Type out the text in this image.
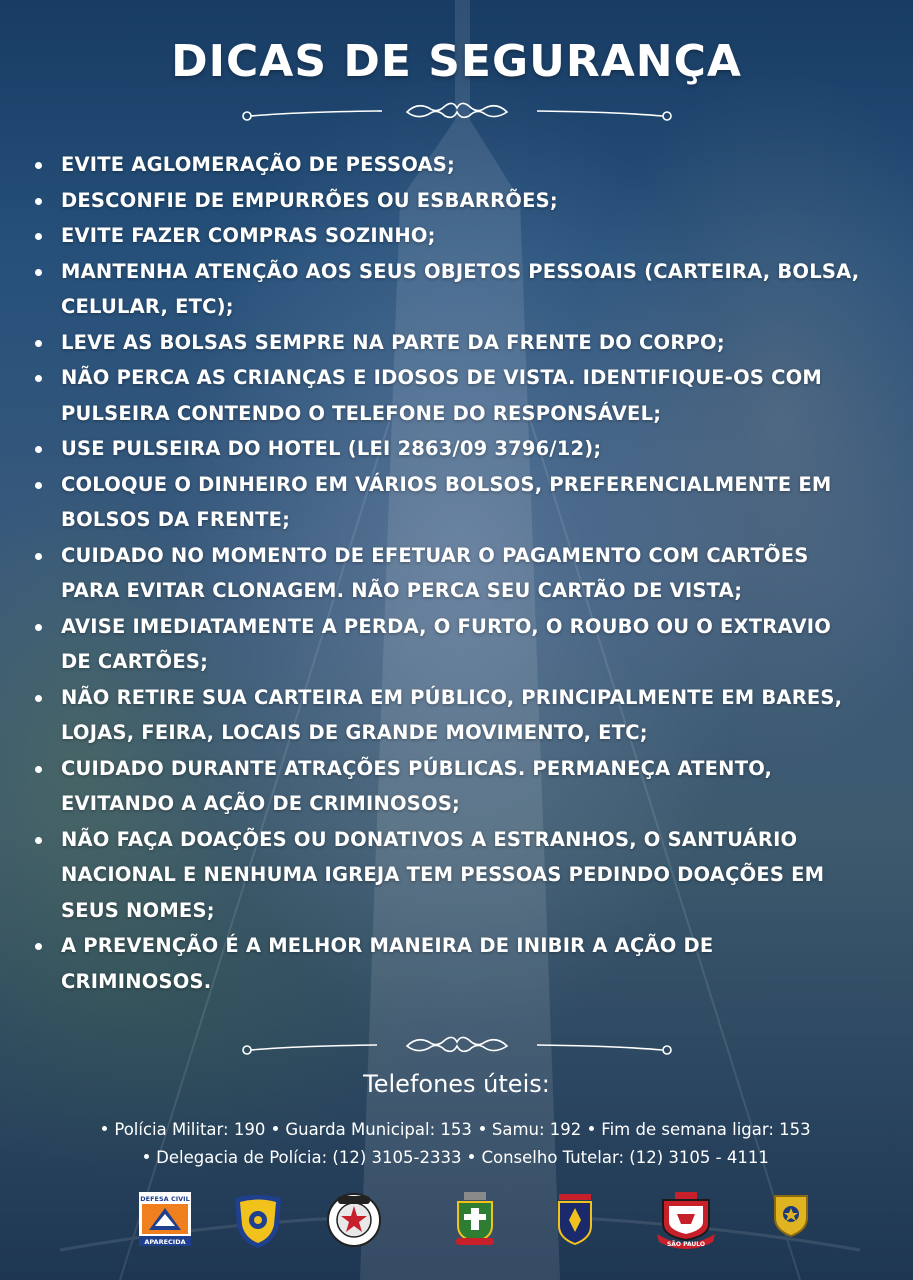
DICAS DE SEGURANÇA
EVITE AGLOMERAÇÃO DE PESSOAS;
DESCONFIE DE EMPURRÕES OU ESBARRÕES;
EVITE FAZER COMPRAS SOZINHO;
MANTENHA ATENÇÃO AOS SEUS OBJETOS PESSOAIS (CARTEIRA, BOLSA,
CELULAR, ETC);
LEVE AS BOLSAS SEMPRE NA PARTE DA FRENTE DO CORPO;
NÃO PERCA AS CRIANÇAS E IDOSOS DE VISTA. IDENTIFIQUE-OS COM
PULSEIRA CONTENDO O TELEFONE DO RESPONSÁVEL;
USE PULSEIRA DO HOTEL (LEI 2863/09 3796/12);
COLOQUE O DINHEIRO EM VÁRIOS BOLSOS, PREFERENCIALMENTE EM
BOLSOS DA FRENTE;
CUIDADO NO MOMENTO DE EFETUAR O PAGAMENTO COM CARTÕES
PARA EVITAR CLONAGEM. NÃO PERCA SEU CARTÃO DE VISTA;
AVISE IMEDIATAMENTE A PERDA, O FURTO, O ROUBO OU O EXTRAVIO
DE CARTÕES;
NÃO RETIRE SUA CARTEIRA EM PÚBLICO, PRINCIPALMENTE EM BARES,
LOJAS, FEIRA, LOCAIS DE GRANDE MOVIMENTO, ETC;
CUIDADO DURANTE ATRAÇÕES PÚBLICAS. PERMANEÇA ATENTO,
EVITANDO A AÇÃO DE CRIMINOSOS;
NÃO FAÇA DOAÇÕES OU DONATIVOS A ESTRANHOS, O SANTUÁRIO
NACIONAL E NENHUMA IGREJA TEM PESSOAS PEDINDO DOAÇÕES EM
SEUS NOMES;
A PREVENÇÃO É A MELHOR MANEIRA DE INIBIR A AÇÃO DE
CRIMINOSOS.
Telefones úteis:
Polícia Militar: 190 Guarda Municipal: 153 Samu: 192 Fim de semana ligar: 153
Delegacia de Polícia: (12) 3105-2333 Conselho Tutelar: (12) 3105 - 4111
DEFESA CIVIL
APARECIDA	SÃO PAULO
